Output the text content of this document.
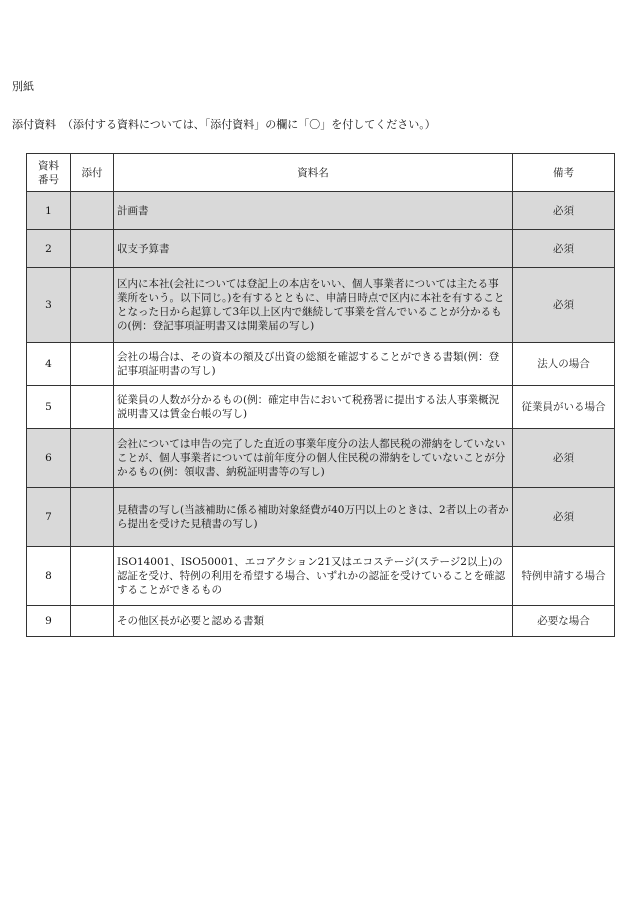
別紙
添付資料 （添付する資料については、「添付資料」の欄に「〇」を付してください。）
資料
番号	添付	資料名	備考
1		計画書	必須
2		収支予算書	必須
3		区内に本社(会社については登記上の本店をいい、個人事業者については主たる事業所をいう。以下同じ。)を有するとともに、申請日時点で区内に本社を有することとなった日から起算して3年以上区内で継続して事業を営んでいることが分かるもの(例：登記事項証明書又は開業届の写し)	必須
4		会社の場合は、その資本の額及び出資の総額を確認することができる書類(例：登記事項証明書の写し)	法人の場合
5		従業員の人数が分かるもの(例：確定申告において税務署に提出する法人事業概況説明書又は賃金台帳の写し)	従業員がいる場合
6		会社については申告の完了した直近の事業年度分の法人都民税の滞納をしていないことが、個人事業者については前年度分の個人住民税の滞納をしていないことが分かるもの(例：領収書、納税証明書等の写し)	必須
7		見積書の写し(当該補助に係る補助対象経費が40万円以上のときは、2者以上の者から提出を受けた見積書の写し)	必須
8		ISO14001、ISO50001、エコアクション21又はエコステージ(ステージ2以上)の認証を受け、特例の利用を希望する場合、いずれかの認証を受けていることを確認することができるもの	特例申請する場合
9		その他区長が必要と認める書類	必要な場合
